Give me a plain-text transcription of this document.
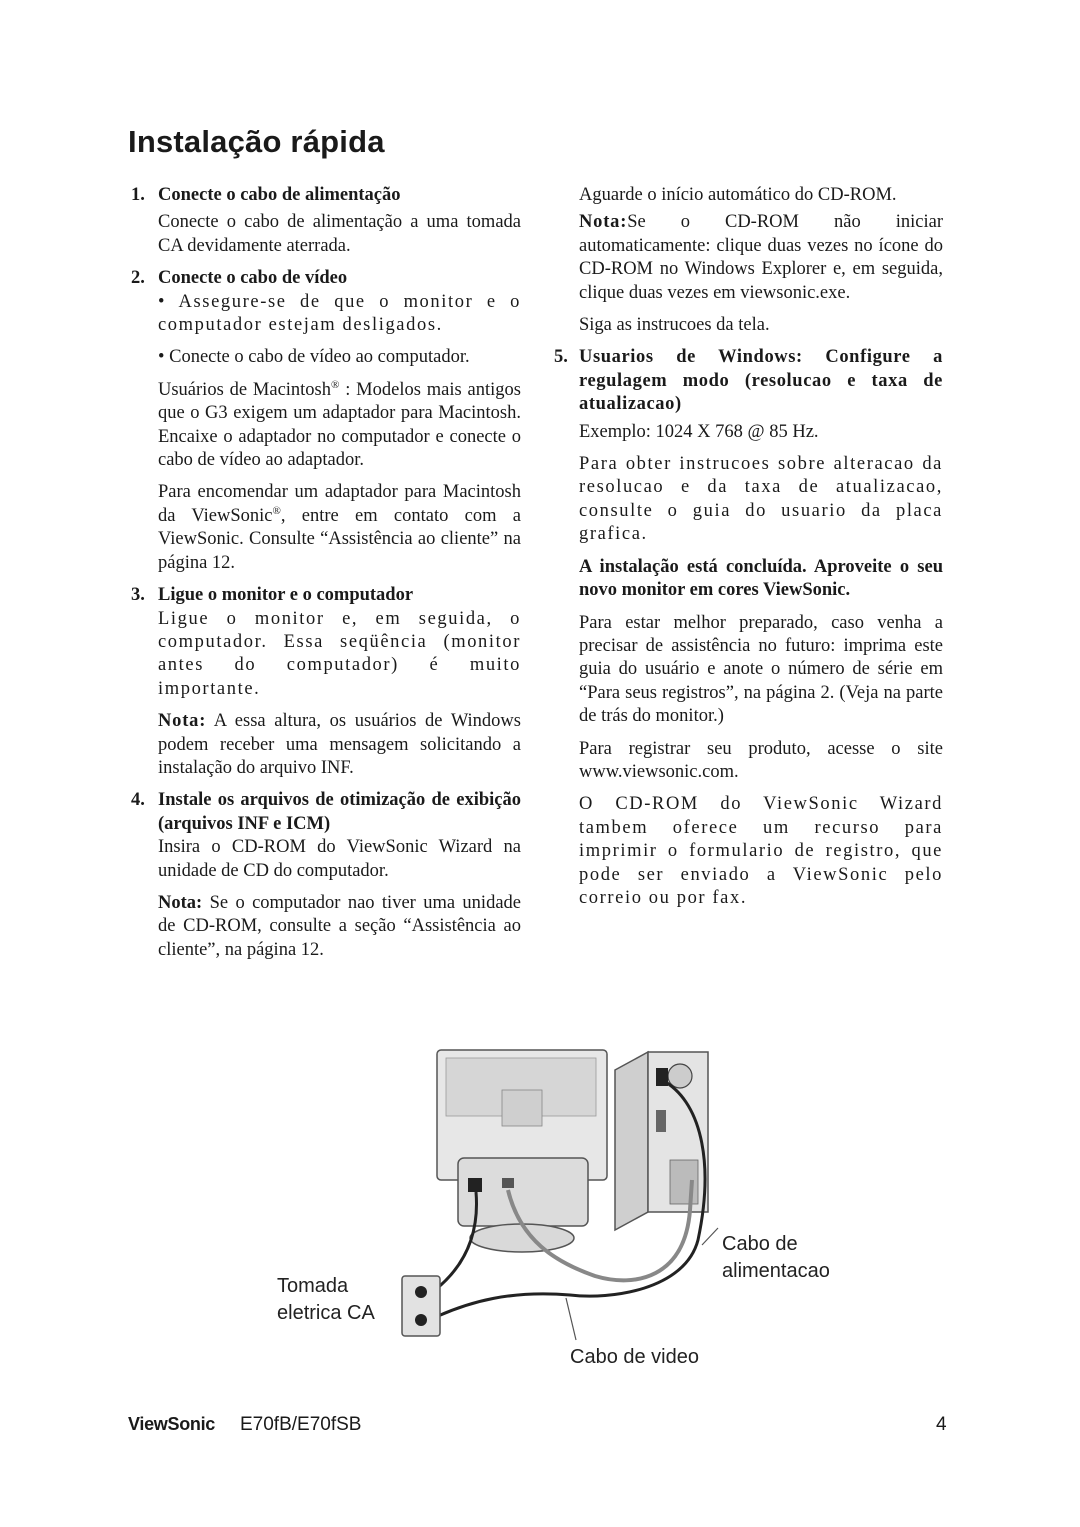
Instalação rápida
1. Conecte o cabo de alimentação

Conecte o cabo de alimentação a uma tomada CA devidamente aterrada.

2. Conecte o cabo de vídeo

• Assegure-se de que o monitor e o computador estejam desligados.

• Conecte o cabo de vídeo ao computador.

Usuários de Macintosh® : Modelos mais antigos que o G3 exigem um adaptador para Macintosh. Encaixe o adaptador no computador e conecte o cabo de vídeo ao adaptador.

Para encomendar um adaptador para Macintosh da ViewSonic®, entre em contato com a ViewSonic. Consulte “Assistência ao cliente” na página 12.

3. Ligue o monitor e o computador

Ligue o monitor e, em seguida, o computador. Essa seqüência (monitor antes do computador) é muito importante.

Nota: A essa altura, os usuários de Windows podem receber uma mensagem solicitando a instalação do arquivo INF.

4. Instale os arquivos de otimização de exibição (arquivos INF e ICM)

Insira o CD-ROM do ViewSonic Wizard na unidade de CD do computador.

Nota: Se o computador nao tiver uma unidade de CD-ROM, consulte a seção “Assistência ao cliente”, na página 12.

Aguarde o início automático do CD-ROM.

Nota:Se o CD-ROM não iniciar automaticamente: clique duas vezes no ícone do CD-ROM no Windows Explorer e, em seguida, clique duas vezes em viewsonic.exe.

Siga as instrucoes da tela.

5. Usuarios de Windows: Configure a regulagem modo (resolucao e taxa de atualizacao)

Exemplo: 1024 X 768 @ 85 Hz.

Para obter instrucoes sobre alteracao da resolucao e da taxa de atualizacao, consulte o guia do usuario da placa grafica.

A instalação está concluída. Aproveite o seu novo monitor em cores ViewSonic.

Para estar melhor preparado, caso venha a precisar de assistência no futuro: imprima este guia do usuário e anote o número de série em “Para seus registros”, na página 2. (Veja na parte de trás do monitor.)

Para registrar seu produto, acesse o site www.viewsonic.com.

O CD-ROM do ViewSonic Wizard tambem oferece um recurso para imprimir o formulario de registro, que pode ser enviado a ViewSonic pelo correio ou por fax.

Tomada
eletrica CA
Cabo de
alimentacao
Cabo de video
ViewSonic E70fB/E70fSB	4
